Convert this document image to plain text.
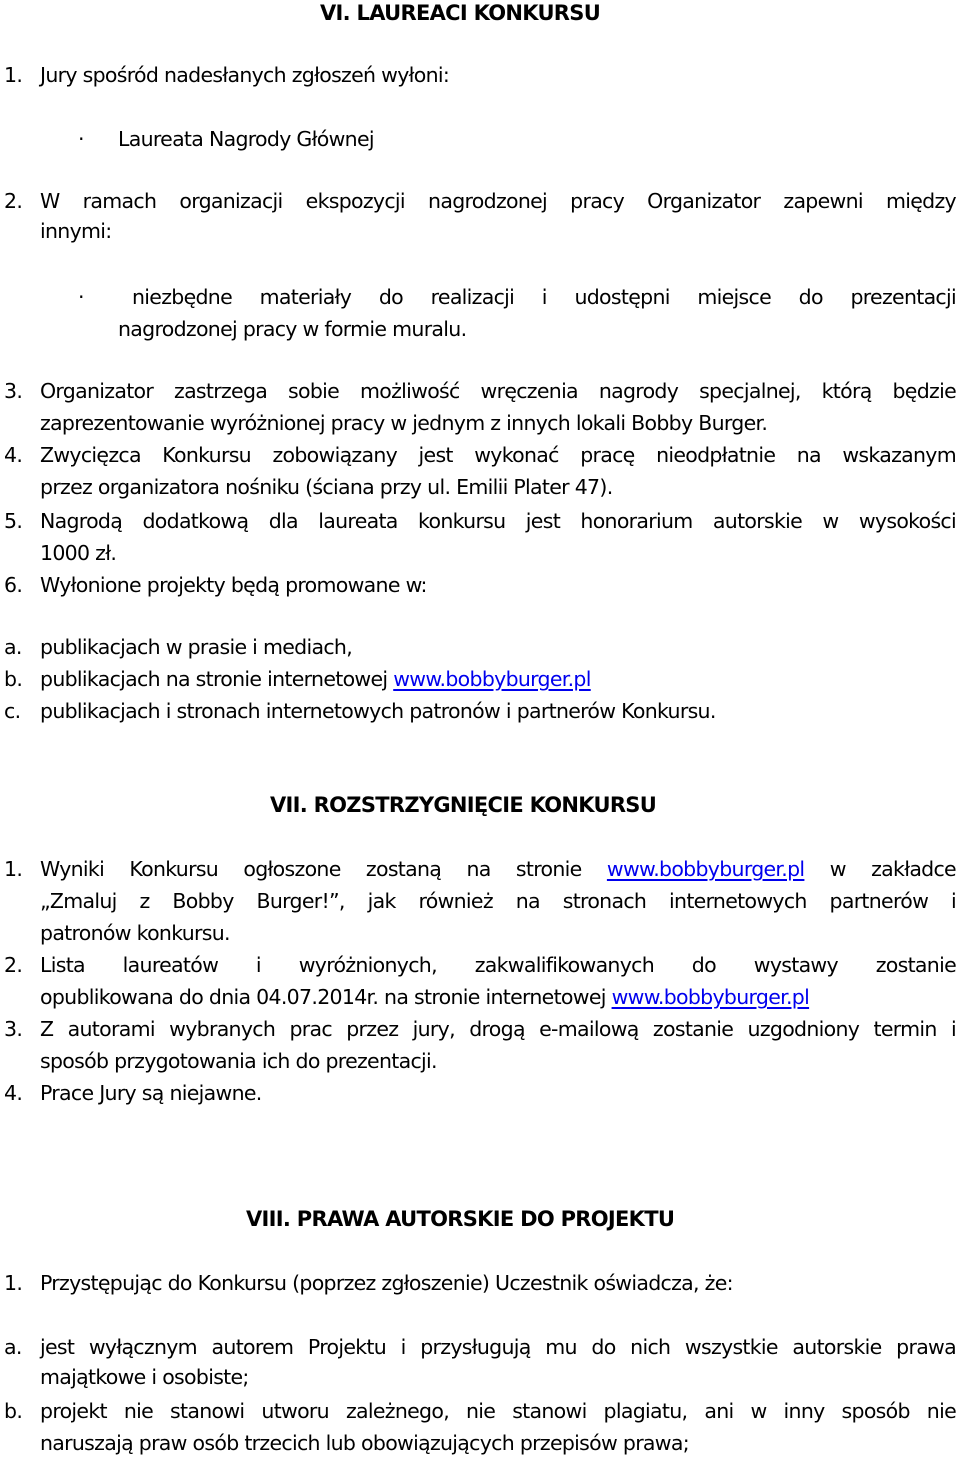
VI. LAUREACI KONKURSU
1. Jury spośród nadesłanych zgłoszeń wyłoni:
· Laureata Nagrody Głównej
2. W ramach organizacji ekspozycji nagrodzonej pracy Organizator zapewni między
innymi:
· niezbędne materiały do realizacji i udostępni miejsce do prezentacji
nagrodzonej pracy w formie muralu.
3. Organizator zastrzega sobie możliwość wręczenia nagrody specjalnej, którą będzie
zaprezentowanie wyróżnionej pracy w jednym z innych lokali Bobby Burger.
4. Zwycięzca Konkursu zobowiązany jest wykonać pracę nieodpłatnie na wskazanym
przez organizatora nośniku (ściana przy ul. Emilii Plater 47).
5. Nagrodą dodatkową dla laureata konkursu jest honorarium autorskie w wysokości
1000 zł.
6. Wyłonione projekty będą promowane w:
a. publikacjach w prasie i mediach,
b. publikacjach na stronie internetowej www.bobbyburger.pl
c. publikacjach i stronach internetowych patronów i partnerów Konkursu.
VII. ROZSTRZYGNIĘCIE KONKURSU
1. Wyniki Konkursu ogłoszone zostaną na stronie www.bobbyburger.pl w zakładce
„Zmaluj z Bobby Burger!”, jak również na stronach internetowych partnerów i
patronów konkursu.
2. Lista laureatów i wyróżnionych, zakwalifikowanych do wystawy zostanie
opublikowana do dnia 04.07.2014r. na stronie internetowej www.bobbyburger.pl
3. Z autorami wybranych prac przez jury, drogą e-mailową zostanie uzgodniony termin i
sposób przygotowania ich do prezentacji.
4. Prace Jury są niejawne.
VIII. PRAWA AUTORSKIE DO PROJEKTU
1. Przystępując do Konkursu (poprzez zgłoszenie) Uczestnik oświadcza, że:
a. jest wyłącznym autorem Projektu i przysługują mu do nich wszystkie autorskie prawa
majątkowe i osobiste;
b. projekt nie stanowi utworu zależnego, nie stanowi plagiatu, ani w inny sposób nie
naruszają praw osób trzecich lub obowiązujących przepisów prawa;
